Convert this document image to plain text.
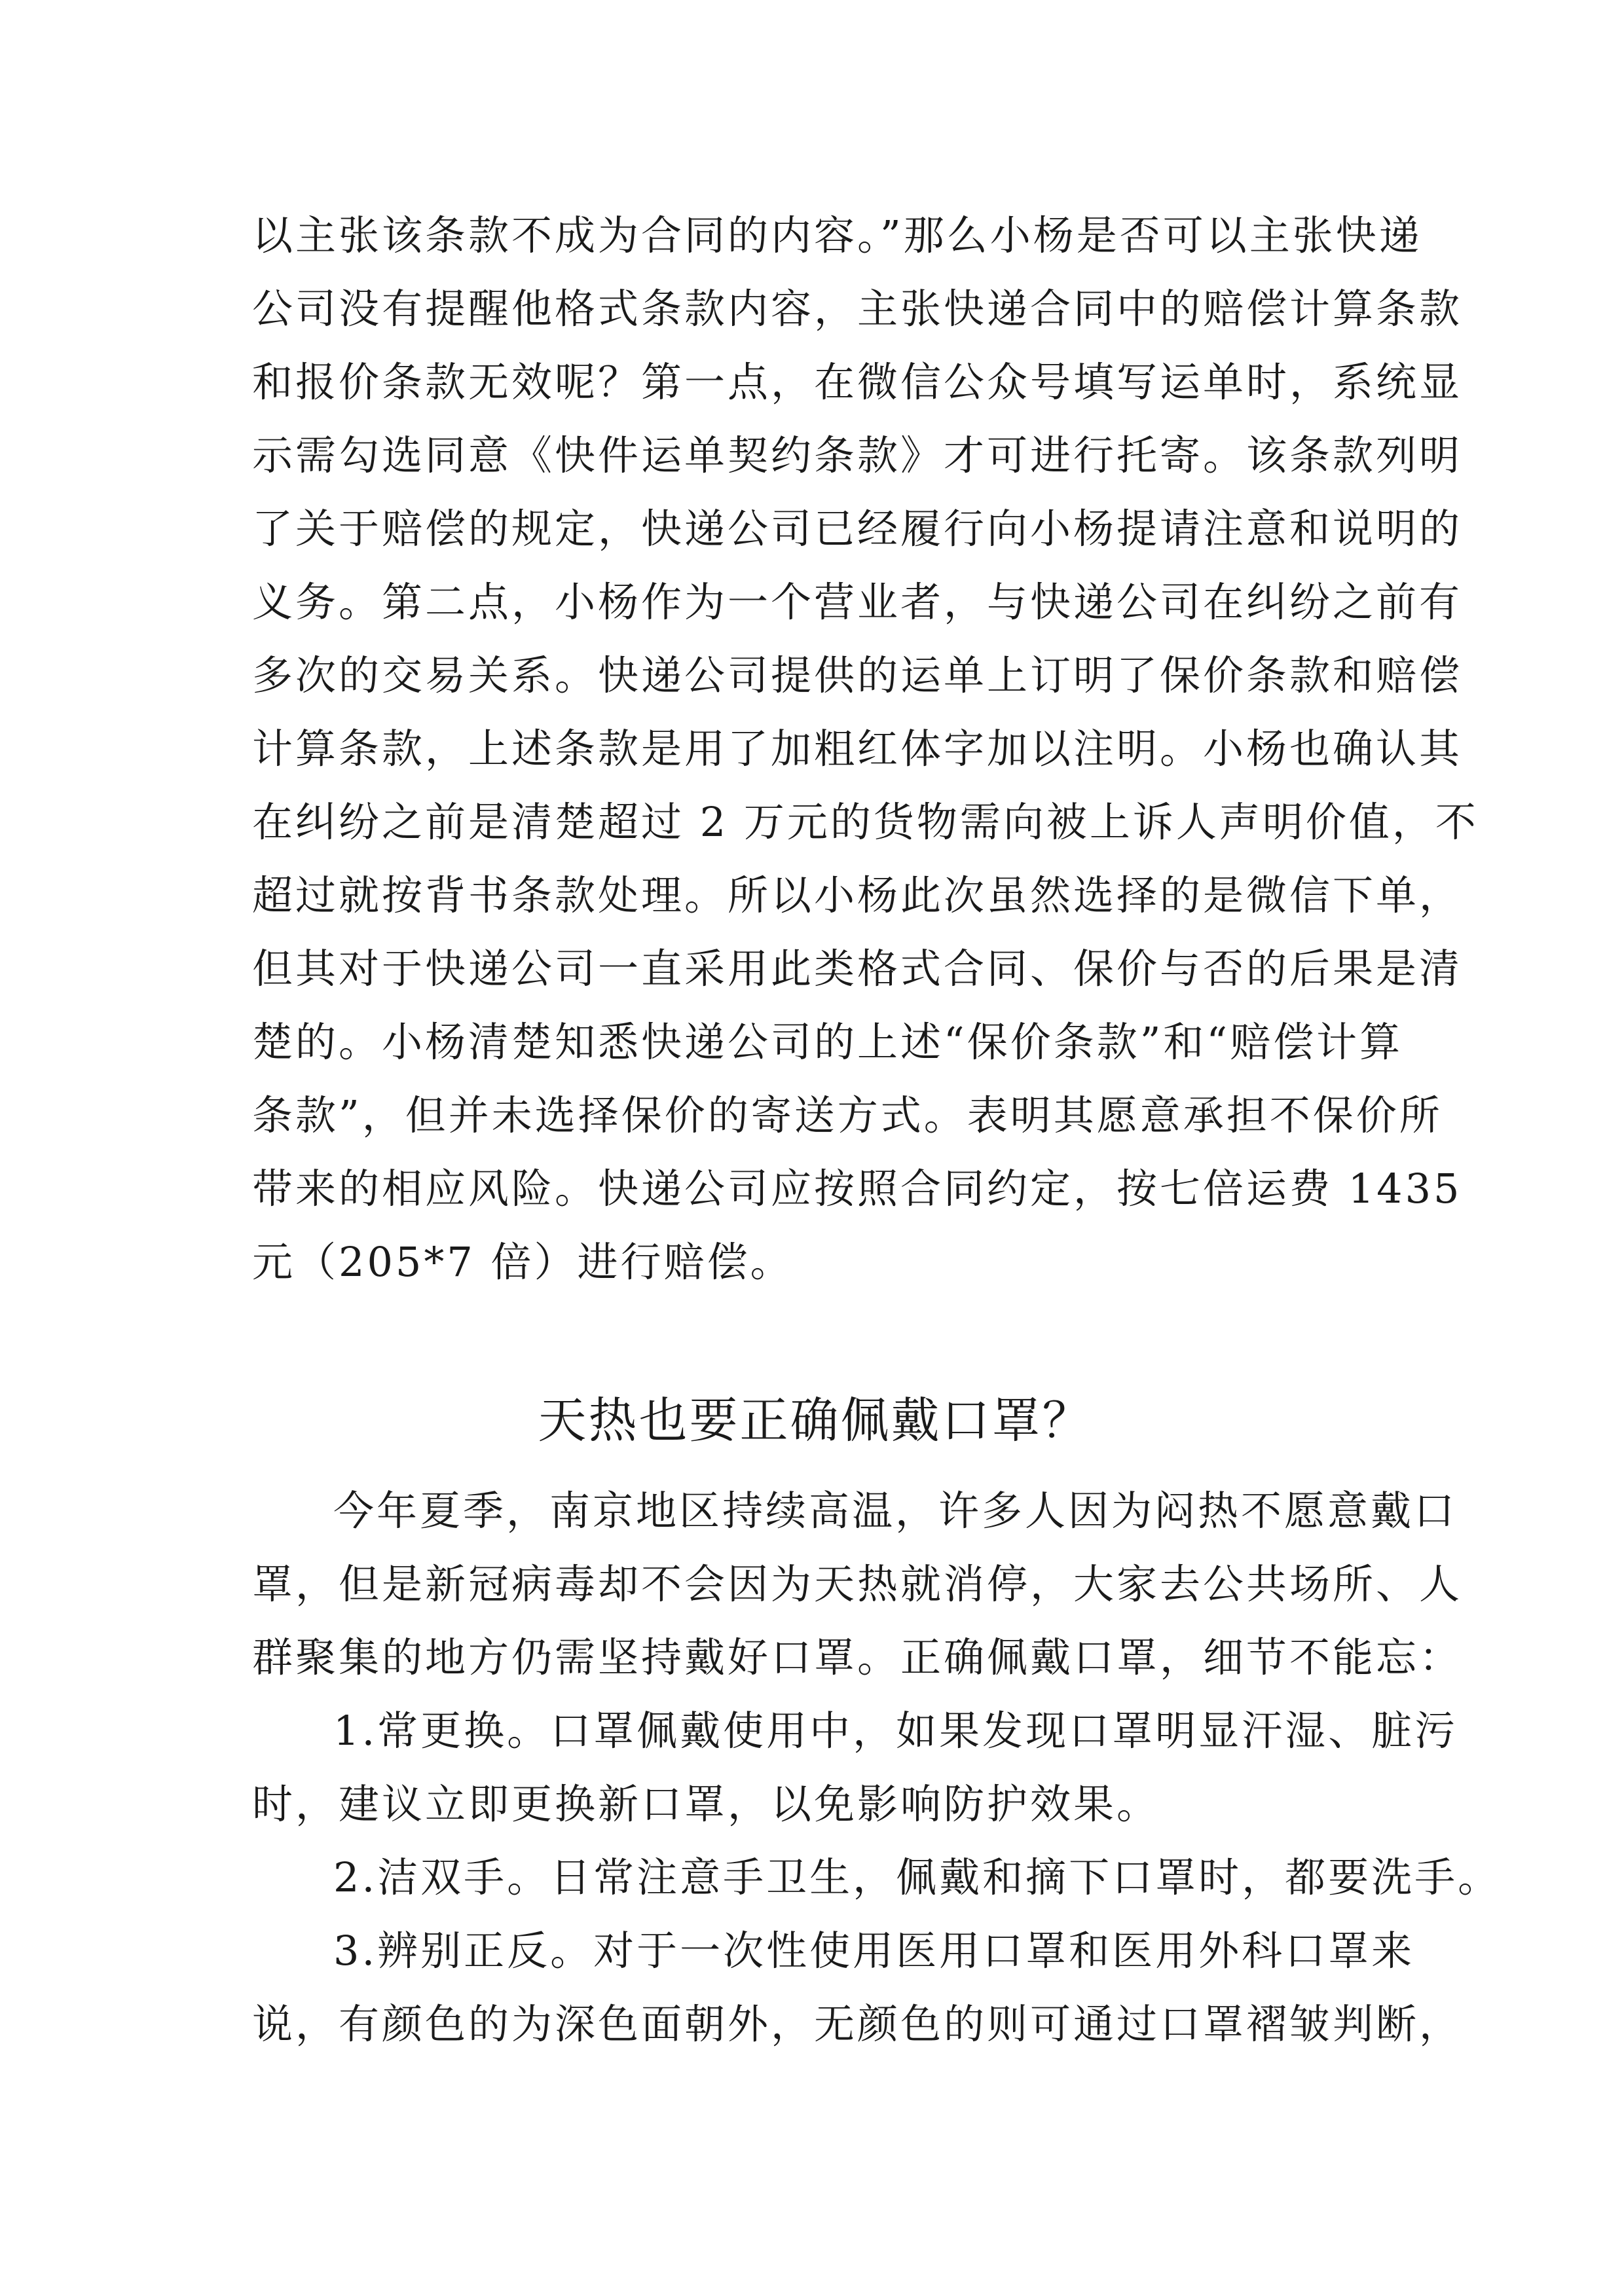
以主张该条款不成为合同的内容。”那么小杨是否可以主张快递
公司没有提醒他格式条款内容，主张快递合同中的赔偿计算条款
和报价条款无效呢？第一点，在微信公众号填写运单时，系统显
示需勾选同意《快件运单契约条款》才可进行托寄。该条款列明
了关于赔偿的规定，快递公司已经履行向小杨提请注意和说明的
义务。第二点，小杨作为一个营业者，与快递公司在纠纷之前有
多次的交易关系。快递公司提供的运单上订明了保价条款和赔偿
计算条款，上述条款是用了加粗红体字加以注明。小杨也确认其
在纠纷之前是清楚超过 2 万元的货物需向被上诉人声明价值，不
超过就按背书条款处理。所以小杨此次虽然选择的是微信下单，
但其对于快递公司一直采用此类格式合同、保价与否的后果是清
楚的。小杨清楚知悉快递公司的上述“保价条款”和“赔偿计算
条款”，但并未选择保价的寄送方式。表明其愿意承担不保价所
带来的相应风险。快递公司应按照合同约定，按七倍运费 1435
元（205*7 倍）进行赔偿。
天热也要正确佩戴口罩？
今年夏季，南京地区持续高温，许多人因为闷热不愿意戴口
罩，但是新冠病毒却不会因为天热就消停，大家去公共场所、人
群聚集的地方仍需坚持戴好口罩。正确佩戴口罩，细节不能忘：
1.常更换。口罩佩戴使用中，如果发现口罩明显汗湿、脏污
时，建议立即更换新口罩，以免影响防护效果。
2.洁双手。日常注意手卫生，佩戴和摘下口罩时，都要洗手。
3.辨别正反。对于一次性使用医用口罩和医用外科口罩来
说，有颜色的为深色面朝外，无颜色的则可通过口罩褶皱判断，
